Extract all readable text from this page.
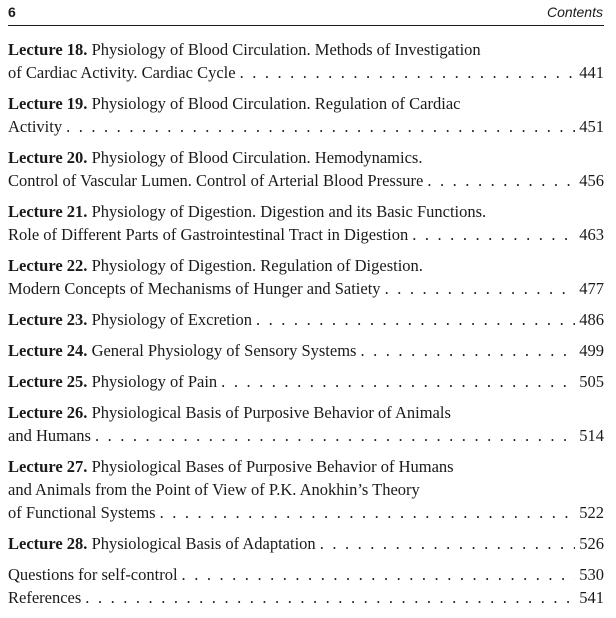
6	Contents
Lecture 18. Physiology of Blood Circulation. Methods of Investigation
of Cardiac Activity. Cardiac Cycle . . .	441
Lecture 19. Physiology of Blood Circulation. Regulation of Cardiac
Activity . . .	451
Lecture 20. Physiology of Blood Circulation. Hemodynamics.
Control of Vascular Lumen. Control of Arterial Blood Pressure . . .	456
Lecture 21. Physiology of Digestion. Digestion and its Basic Functions.
Role of Different Parts of Gastrointestinal Tract in Digestion . . .	463
Lecture 22. Physiology of Digestion. Regulation of Digestion.
Modern Concepts of Mechanisms of Hunger and Satiety . . .	477
Lecture 23. Physiology of Excretion . . .	486
Lecture 24. General Physiology of Sensory Systems . . .	499
Lecture 25. Physiology of Pain . . .	505
Lecture 26. Physiological Basis of Purposive Behavior of Animals
and Humans . . .	514
Lecture 27. Physiological Bases of Purposive Behavior of Humans
and Animals from the Point of View of P.K. Anokhin’s Theory
of Functional Systems . . .	522
Lecture 28. Physiological Basis of Adaptation . . .	526
Questions for self-control . . .	530
References . . .	541
